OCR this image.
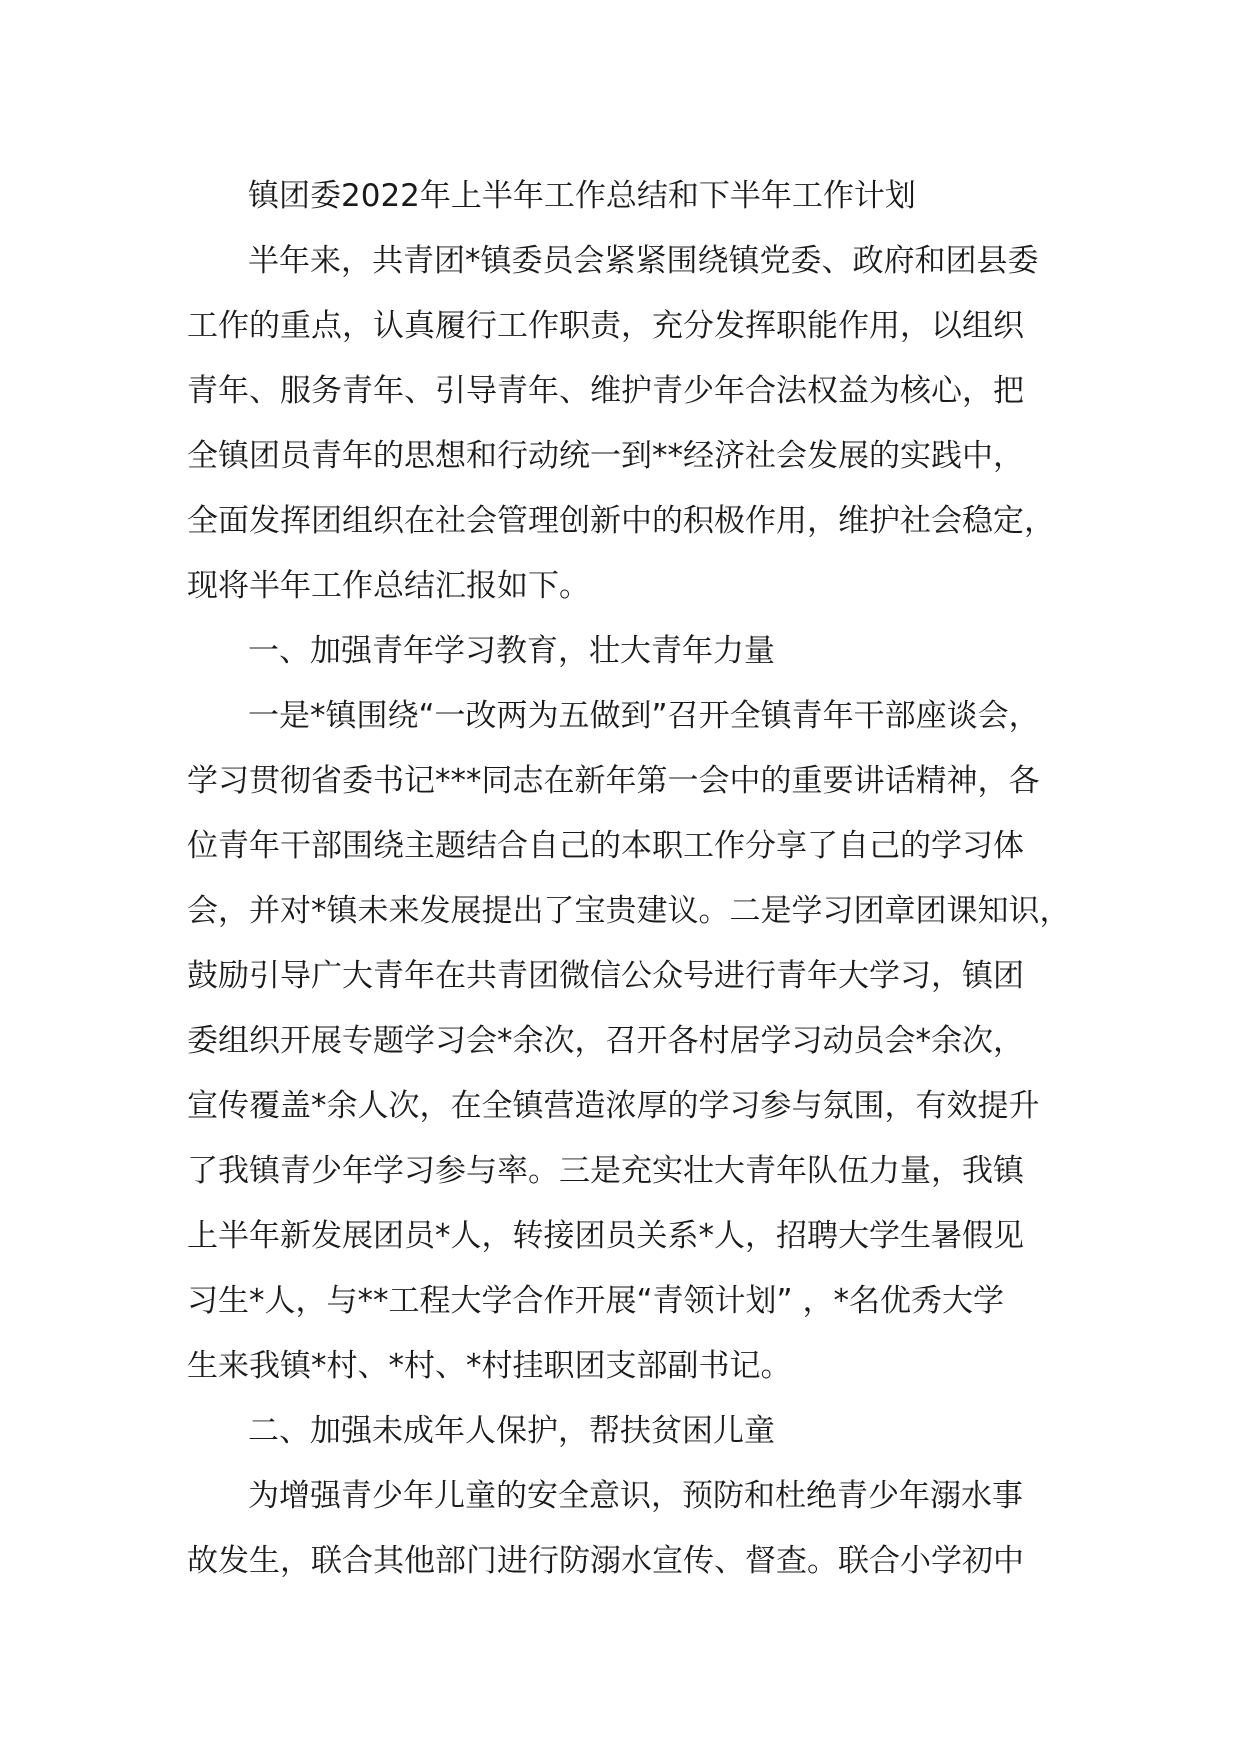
镇团委2022年上半年工作总结和下半年工作计划
半年来，共青团*镇委员会紧紧围绕镇党委、政府和团县委
工作的重点，认真履行工作职责，充分发挥职能作用，以组织
青年、服务青年、引导青年、维护青少年合法权益为核心，把
全镇团员青年的思想和行动统一到**经济社会发展的实践中，
全面发挥团组织在社会管理创新中的积极作用，维护社会稳定，
现将半年工作总结汇报如下。
一、加强青年学习教育，壮大青年力量
一是*镇围绕“一改两为五做到”召开全镇青年干部座谈会，
学习贯彻省委书记***同志在新年第一会中的重要讲话精神，各
位青年干部围绕主题结合自己的本职工作分享了自己的学习体
会，并对*镇未来发展提出了宝贵建议。二是学习团章团课知识，
鼓励引导广大青年在共青团微信公众号进行青年大学习，镇团
委组织开展专题学习会*余次，召开各村居学习动员会*余次，
宣传覆盖*余人次，在全镇营造浓厚的学习参与氛围，有效提升
了我镇青少年学习参与率。三是充实壮大青年队伍力量，我镇
上半年新发展团员*人，转接团员关系*人，招聘大学生暑假见
习生*人，与**工程大学合作开展“青领计划” ，*名优秀大学
生来我镇*村、*村、*村挂职团支部副书记。
二、加强未成年人保护，帮扶贫困儿童
为增强青少年儿童的安全意识，预防和杜绝青少年溺水事
故发生，联合其他部门进行防溺水宣传、督查。联合小学初中
